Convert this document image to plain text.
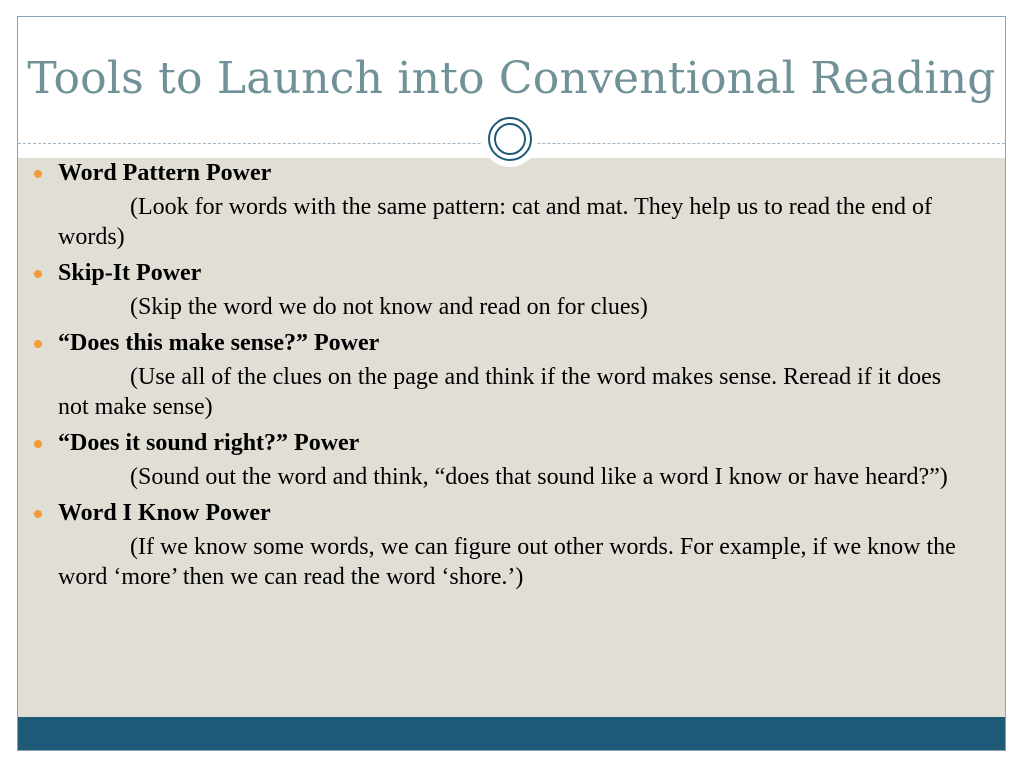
Tools to Launch into Conventional Reading
Word Pattern Power
(Look for words with the same pattern: cat and mat. They help us to read the end of words)
Skip-It Power
(Skip the word we do not know and read on for clues)
“Does this make sense?” Power
(Use all of the clues on the page and think if the word makes sense. Reread if it does not make sense)
“Does it sound right?” Power
(Sound out the word and think, “does that sound like a word I know or have heard?”)
Word I Know Power
(If we know some words, we can figure out other words. For example, if we know the word ‘more’ then we can read the word ‘shore.’)
